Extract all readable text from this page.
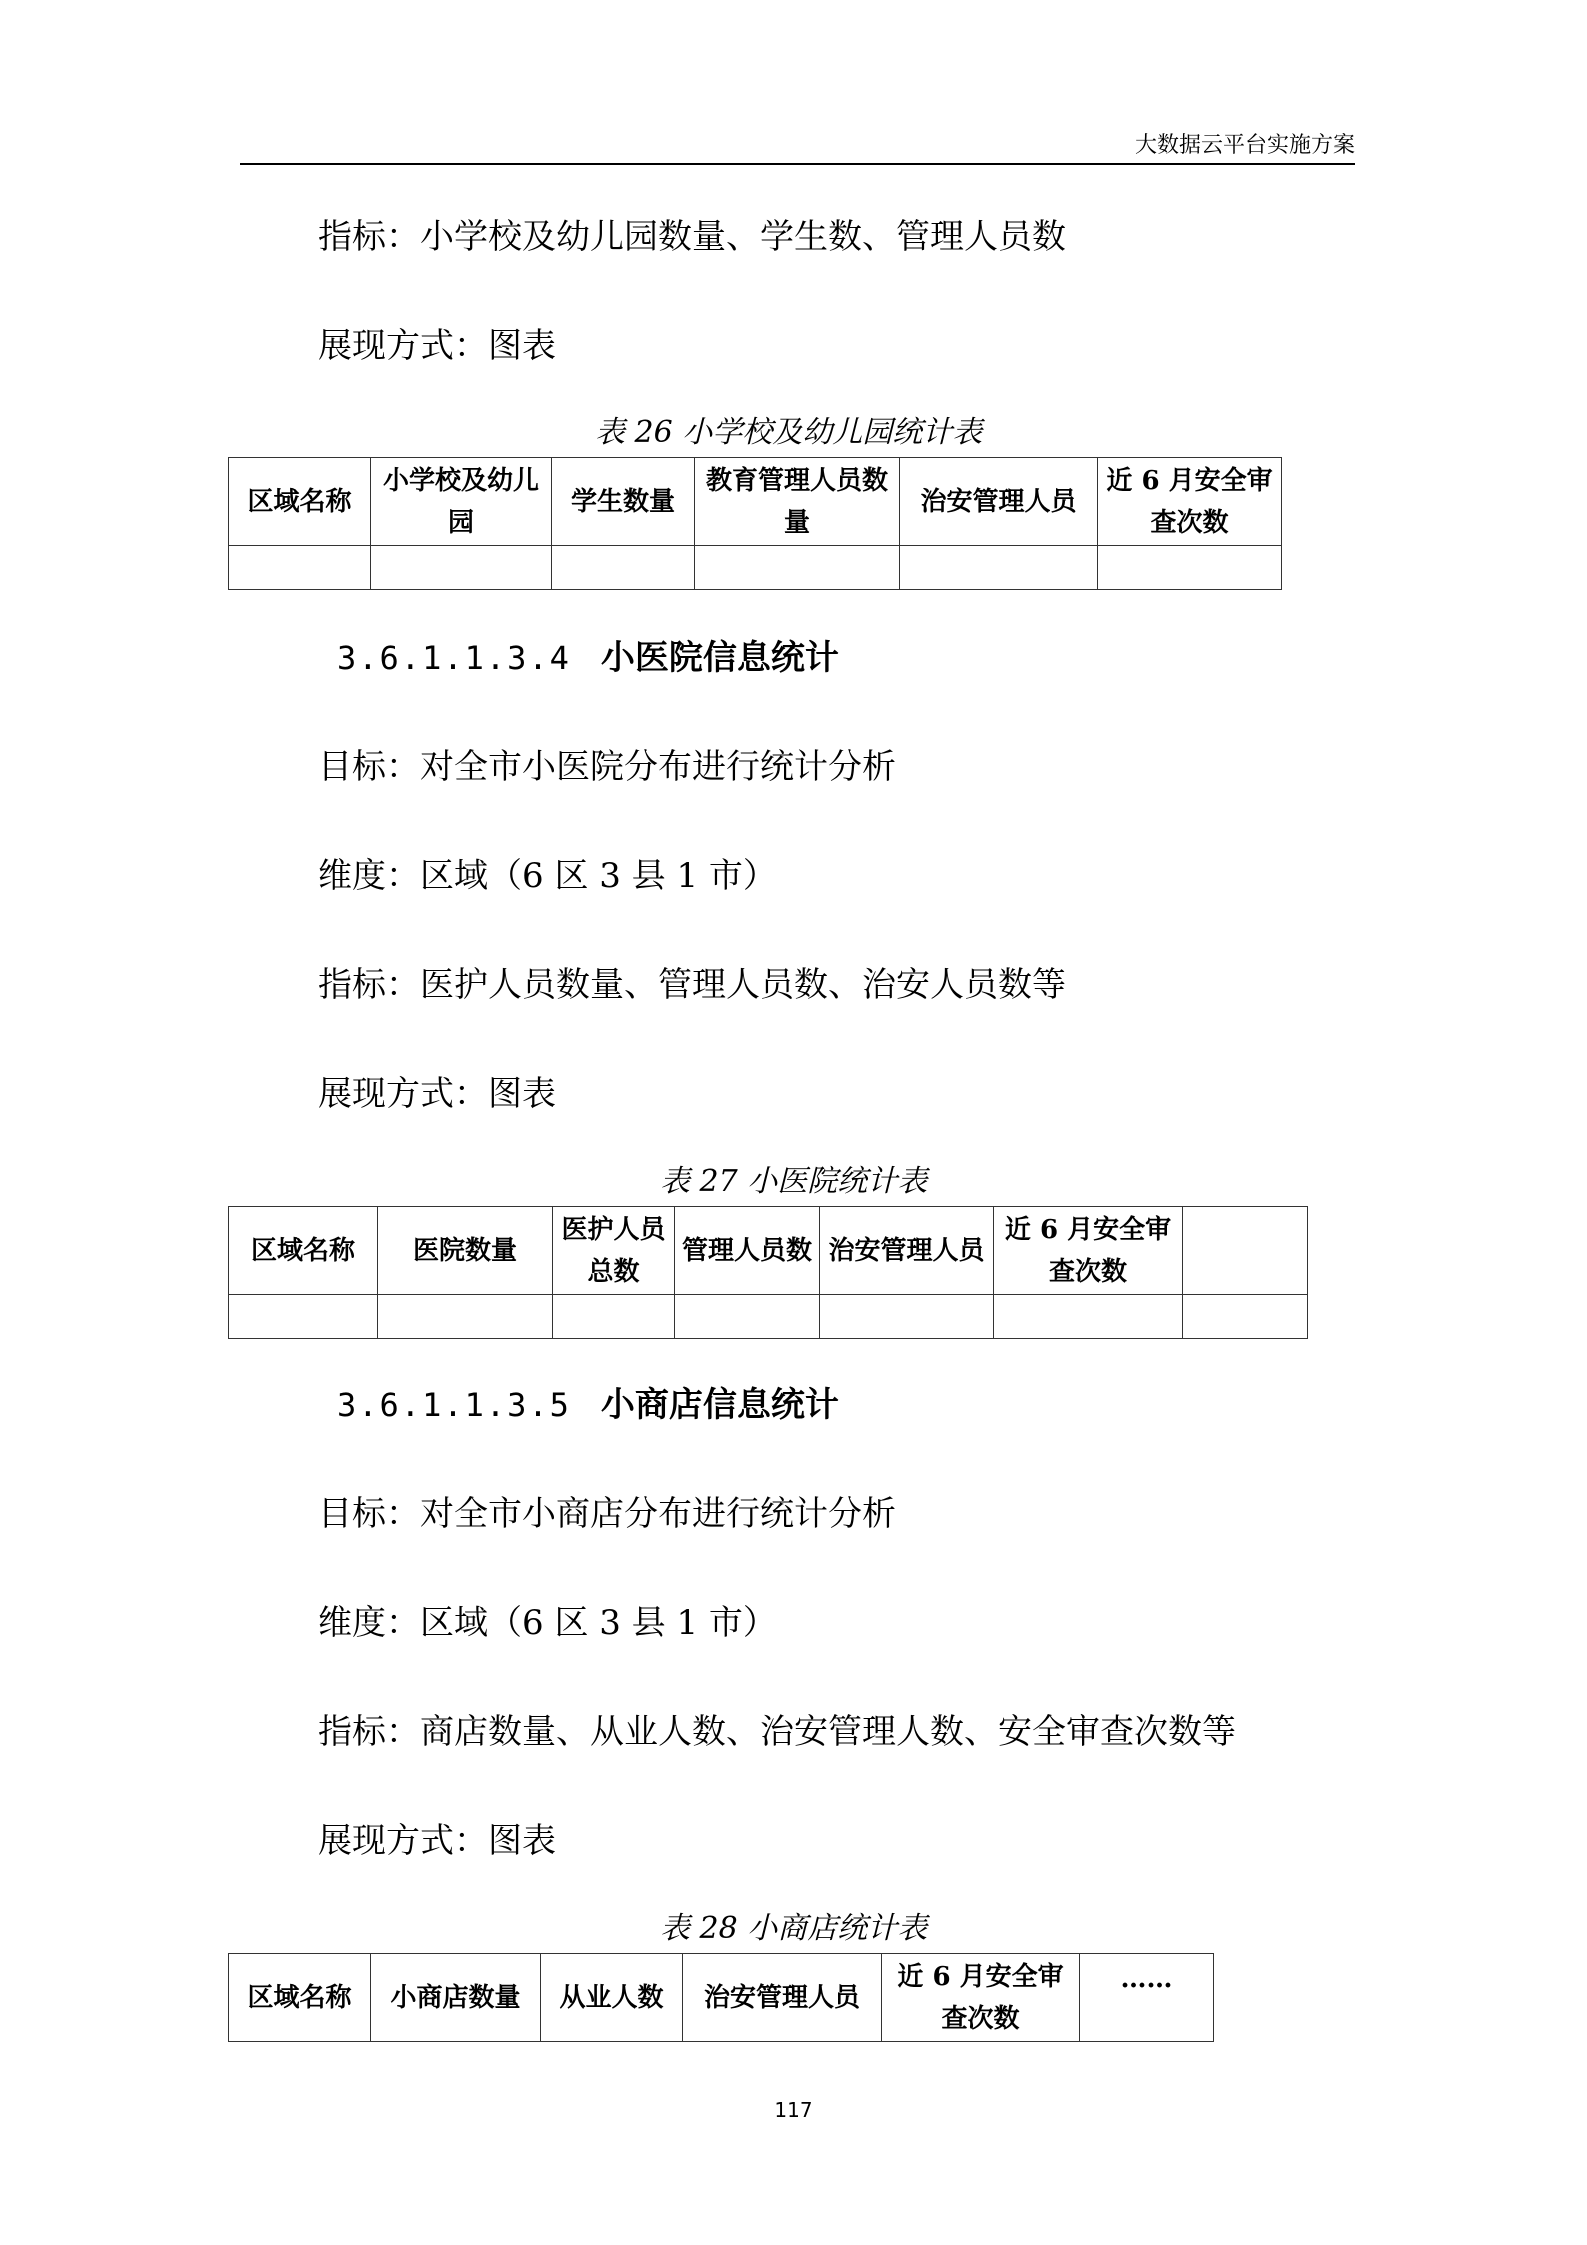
大数据云平台实施方案
指标：小学校及幼儿园数量、学生数、管理人员数
展现方式：图表
表 26 小学校及幼儿园统计表
区域名称	小学校及幼儿园	学生数量	教育管理人员数量	治安管理人员	近 6 月安全审查次数

3.6.1.1.3.4 小医院信息统计
目标：对全市小医院分布进行统计分析
维度：区域（6 区 3 县 1 市）
指标：医护人员数量、管理人员数、治安人员数等
展现方式：图表
表 27 小医院统计表
区域名称	医院数量	医护人员总数	管理人员数	治安管理人员	近 6 月安全审查次数	

3.6.1.1.3.5 小商店信息统计
目标：对全市小商店分布进行统计分析
维度：区域（6 区 3 县 1 市）
指标：商店数量、从业人数、治安管理人数、安全审查次数等
展现方式：图表
表 28 小商店统计表
区域名称	小商店数量	从业人数	治安管理人员	近 6 月安全审查次数	……
117
